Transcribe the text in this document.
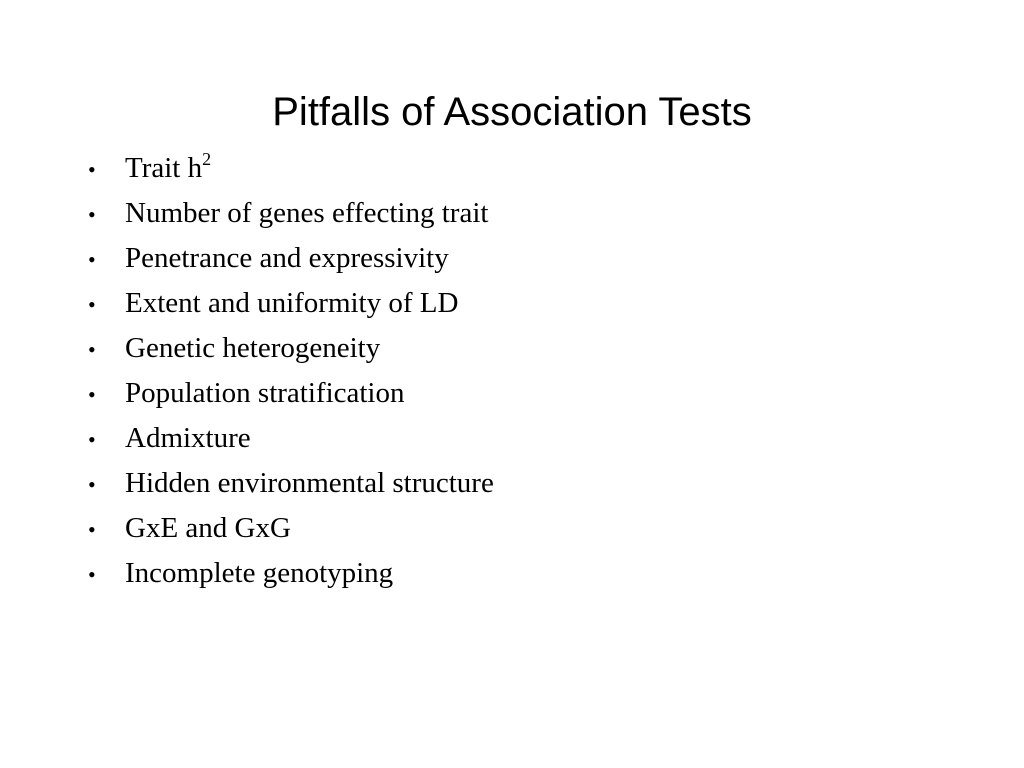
Pitfalls of Association Tests
•	Trait $h^2$
•	Number of genes effecting trait
•	Penetrance and expressivity
•	Extent and uniformity of LD
•	Genetic heterogeneity
•	Population stratification
•	Admixture
•	Hidden environmental structure
•	GxE and GxG
•	Incomplete genotyping
